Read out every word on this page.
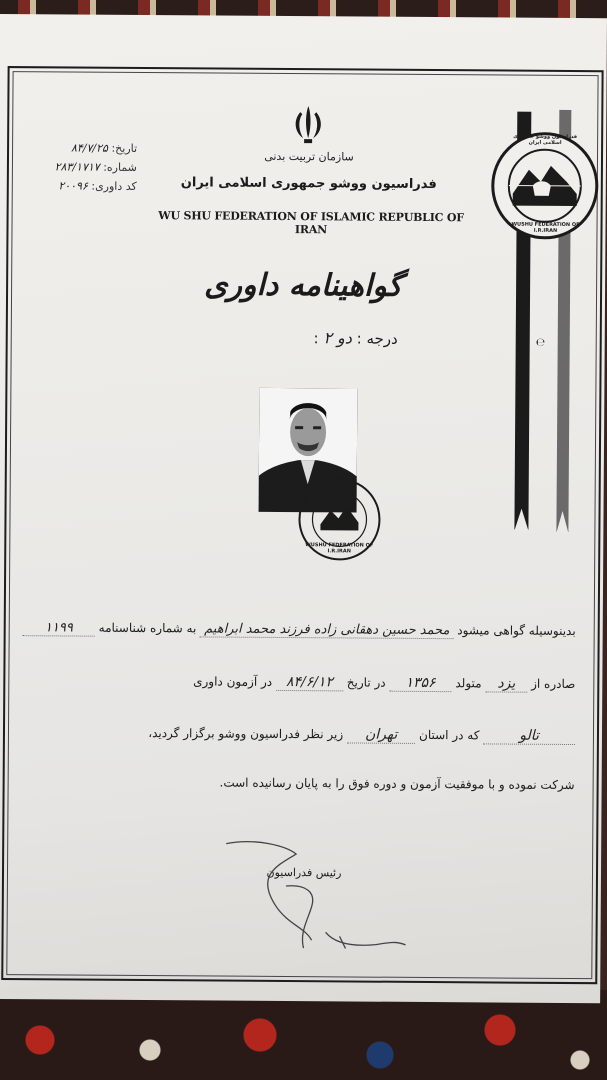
تاریخ: ۸۴/۷/۲۵
شماره: ۲۸۳/۱۷۱۷
کد داوری: ۲۰۰۹۶
سازمان تربیت بدنی
فدراسیون ووشو جمهوری اسلامی ایران
WU SHU FEDERATION OF ISLAMIC REPUBLIC OF IRAN	WUSHU FEDERATION OF I.R.IRAN
فدراسیون ووشو جمهوری اسلامی ایران
℮
گواهینامه داوری
درجه : دو ۲ :
WUSHU FEDERATION OF I.R.IRAN
بدینوسیله گواهی میشود محمد حسین دهقانی زاده فرزند محمد ابراهیم به شماره شناسنامه ۱۱۹۹
صادره از یزد متولد ۱۳۵۶ در تاریخ ۸۴/۶/۱۲ در آزمون داوری
تالو که در استان تهران زیر نظر فدراسیون ووشو برگزار گردید،
شرکت نموده و با موفقیت آزمون و دوره فوق را به پایان رسانیده است.
رئیس فدراسیون
